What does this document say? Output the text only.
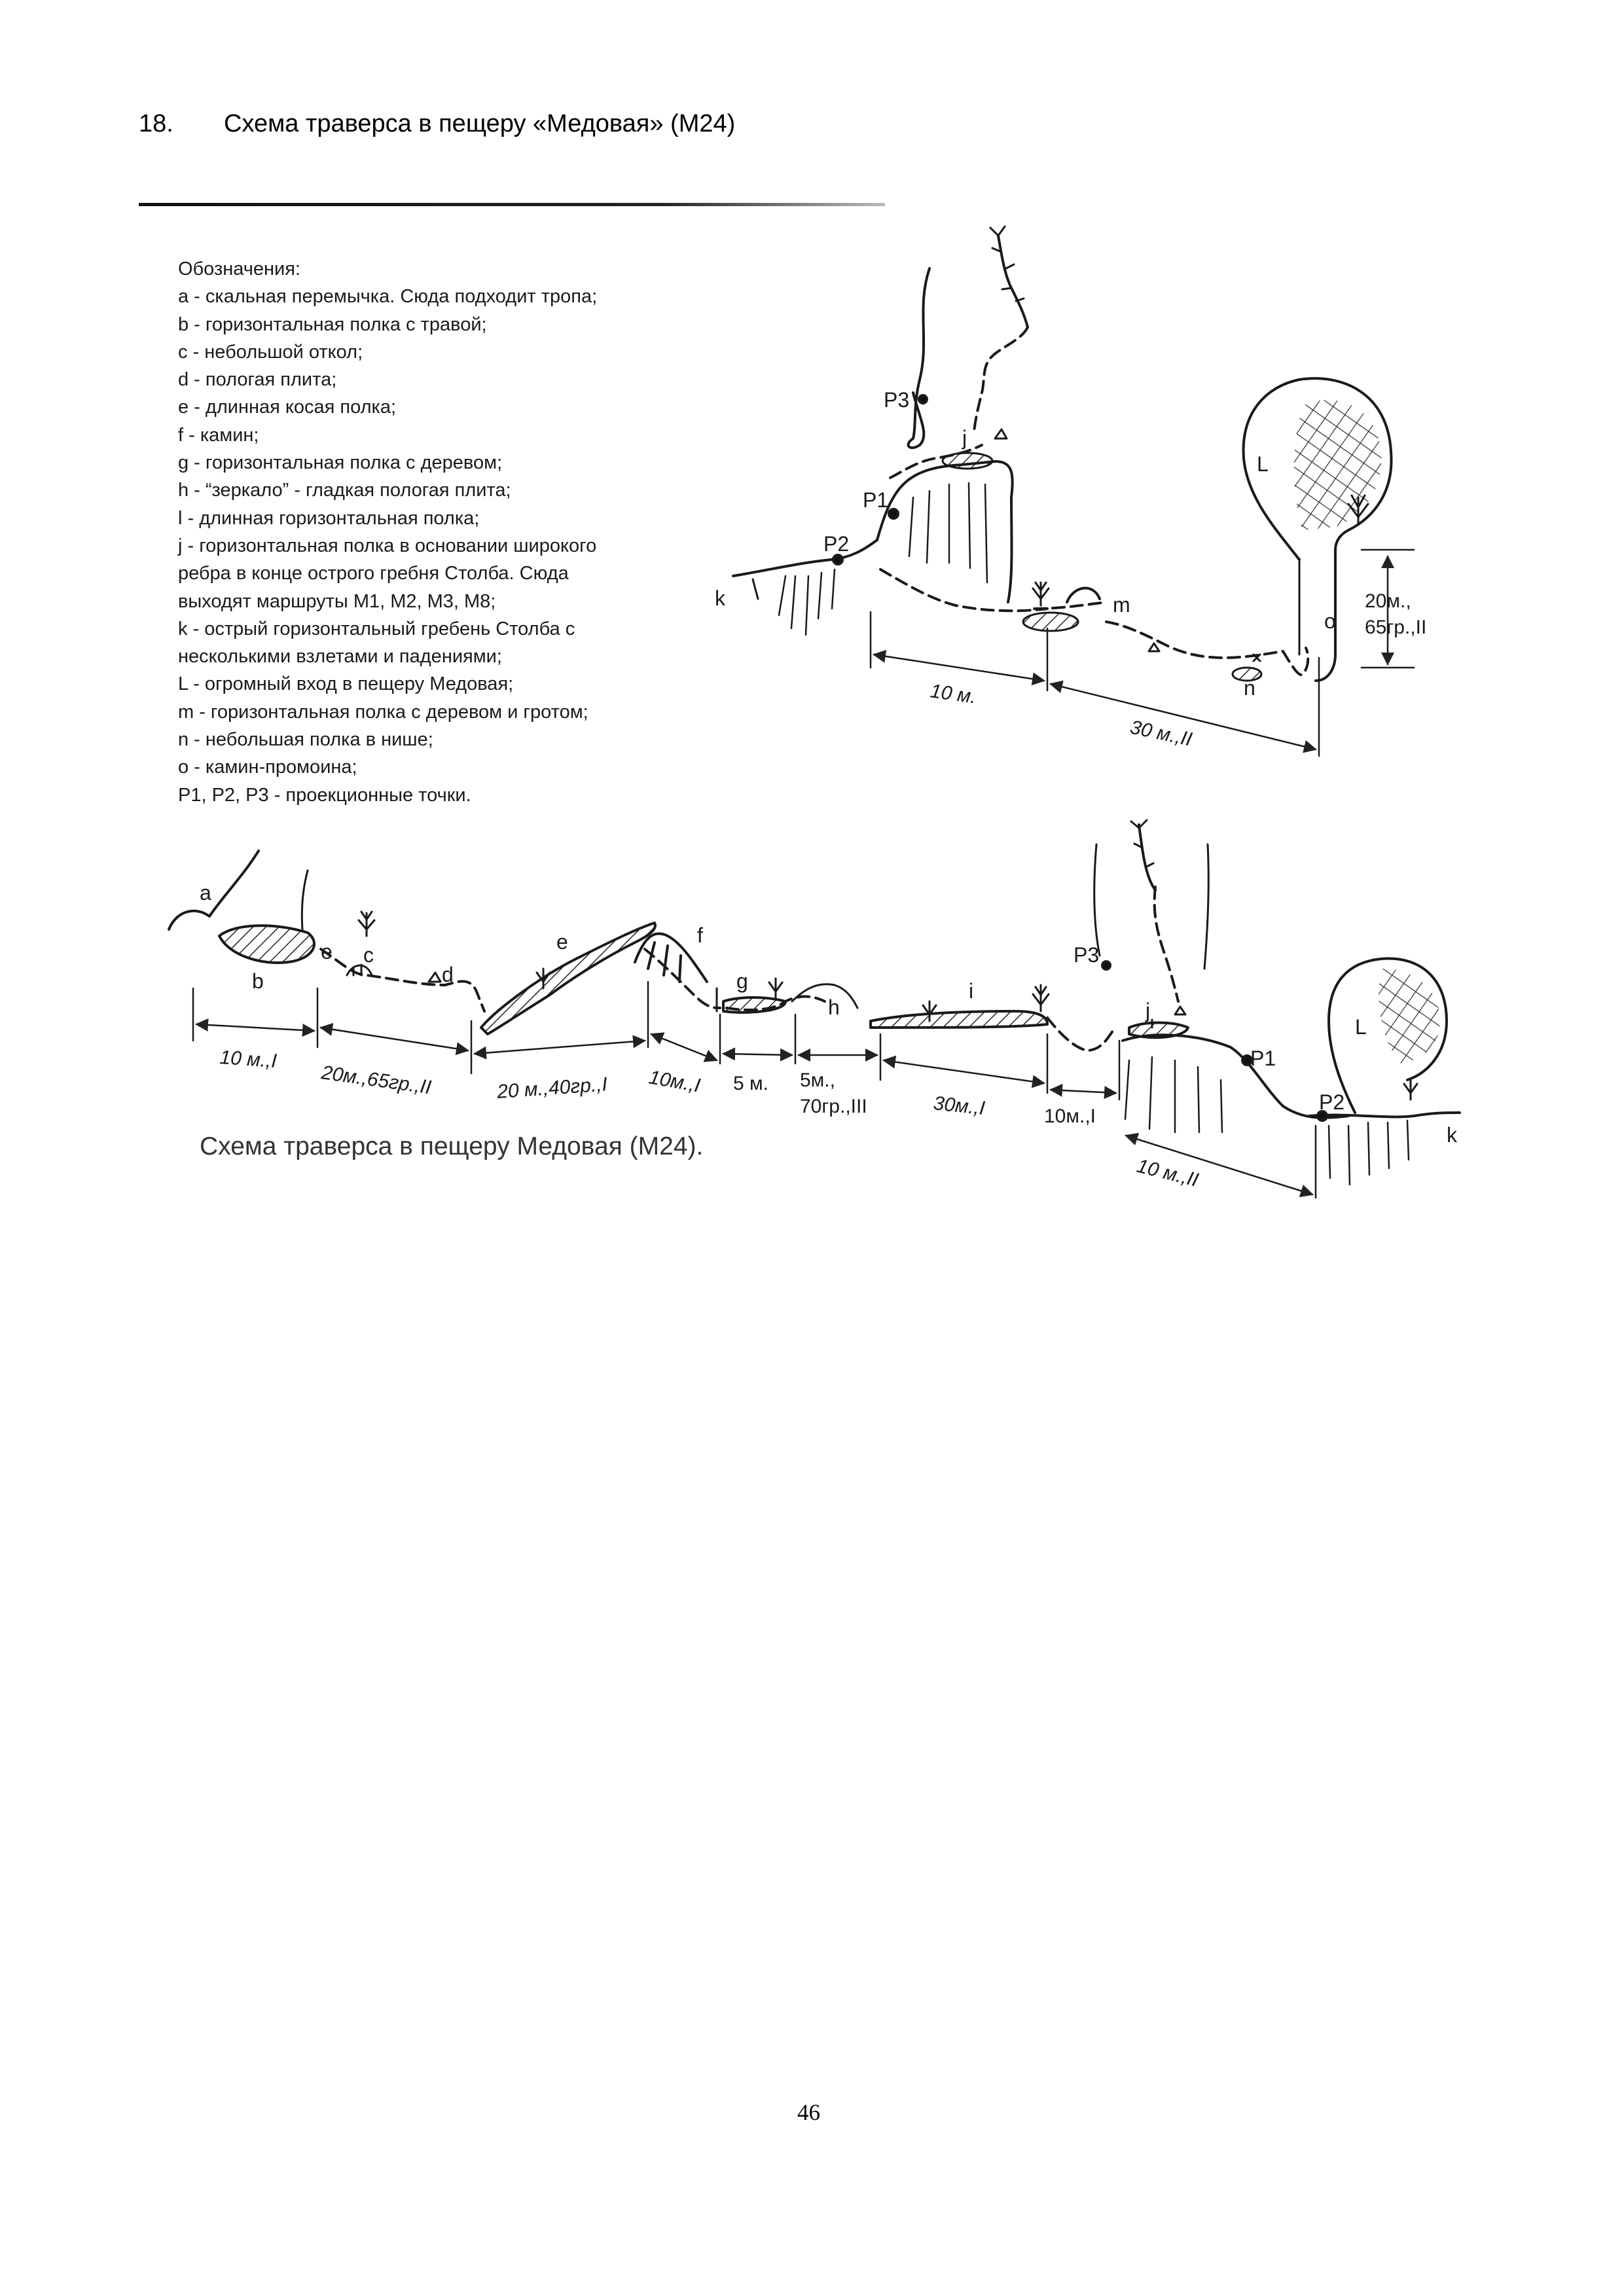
18. Схема траверса в пещеру «Медовая» (М24)
Обозначения:
а - скальная перемычка. Сюда подходит тропа;
b - горизонтальная полка с травой;
с - небольшой откол;
d - пологая плита;
е - длинная косая полка;
f - камин;
g - горизонтальная полка с деревом;
h - “зеркало” - гладкая пологая плита;
l - длинная горизонтальная полка;
j - горизонтальная полка в основании широкого
ребра в конце острого гребня Столба. Сюда
выходят маршруты М1, М2, М3, М8;
k - острый горизонтальный гребень Столба с
несколькими взлетами и падениями;
L - огромный вход в пещеру Медовая;
m - горизонтальная полка с деревом и гротом;
n - небольшая полка в нише;
о - камин-промоина;
Р1, Р2, Р3 - проекционные точки.
P3
P1
P2
j
k
L
m
n
o
10 м.
30 м.,II
20м.,
65гр.,II
a
b
c
d
e	e	f
g
h
i
j
k
L
P3
P1
P2
10 м.,I
20м.,65гр.,II	20 м.,40гр.,I 10м.,I 5 м. 5м.,
70гр.,III	30м.,I	10м.,I
10 м.,II
Схема траверса в пещеру Медовая (М24).
46
